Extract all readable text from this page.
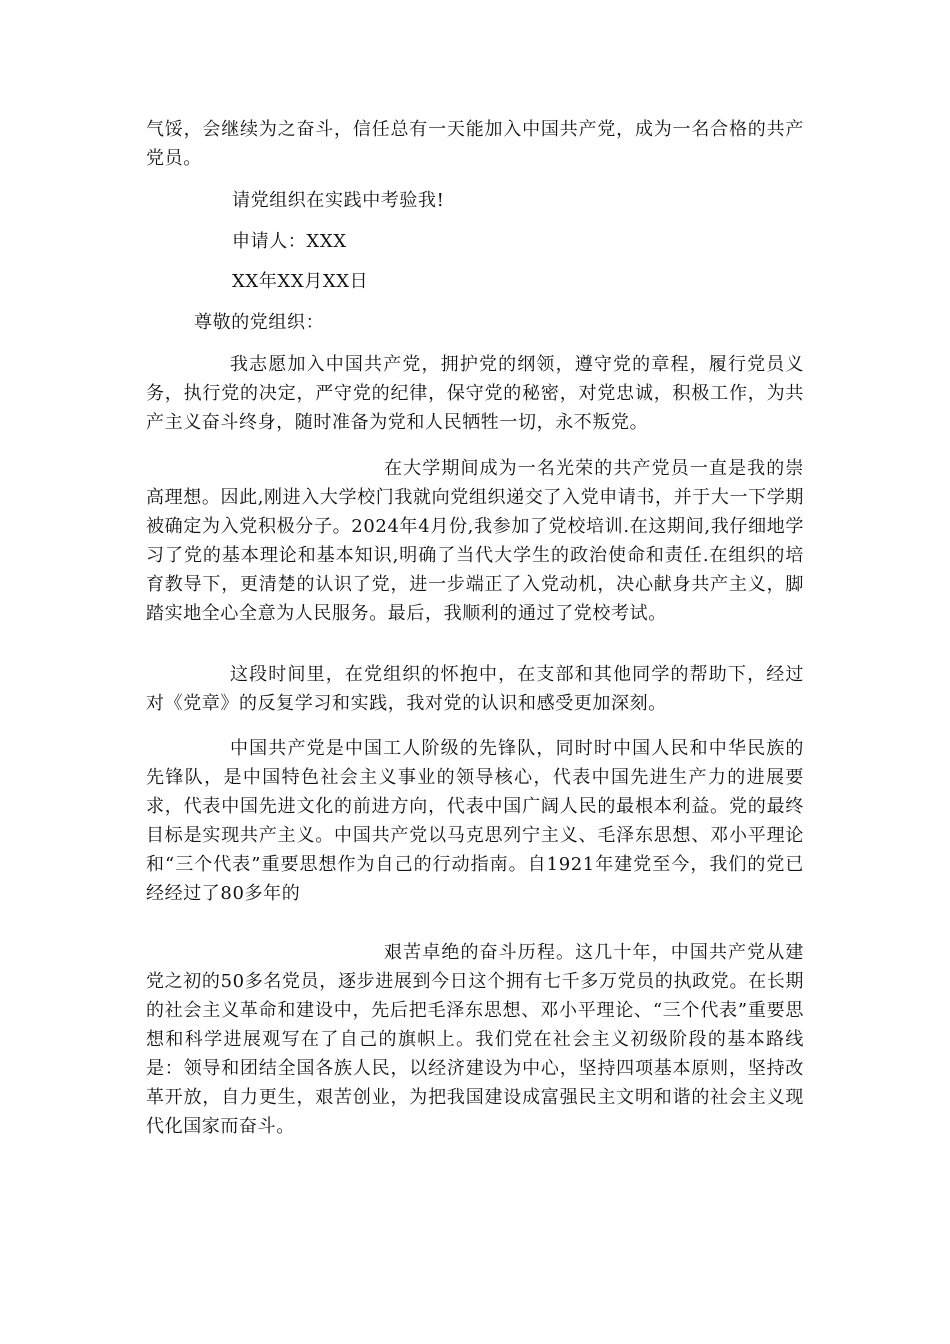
气馁，会继续为之奋斗，信任总有一天能加入中国共产党，成为一名合格的共产党员。
请党组织在实践中考验我!
申请人：XXX
XX年XX月XX日
尊敬的党组织：
我志愿加入中国共产党，拥护党的纲领，遵守党的章程，履行党员义务，执行党的决定，严守党的纪律，保守党的秘密，对党忠诚，积极工作，为共产主义奋斗终身，随时准备为党和人民牺牲一切，永不叛党。
在大学期间成为一名光荣的共产党员一直是我的崇高理想。因此,刚进入大学校门我就向党组织递交了入党申请书，并于大一下学期被确定为入党积极分子。2024年4月份,我参加了党校培训.在这期间,我仔细地学习了党的基本理论和基本知识,明确了当代大学生的政治使命和责任.在组织的培育教导下，更清楚的认识了党，进一步端正了入党动机，决心献身共产主义，脚踏实地全心全意为人民服务。最后，我顺利的通过了党校考试。
这段时间里，在党组织的怀抱中，在支部和其他同学的帮助下，经过对《党章》的反复学习和实践，我对党的认识和感受更加深刻。
中国共产党是中国工人阶级的先锋队，同时时中国人民和中华民族的先锋队，是中国特色社会主义事业的领导核心，代表中国先进生产力的进展要求，代表中国先进文化的前进方向，代表中国广阔人民的最根本利益。党的最终目标是实现共产主义。中国共产党以马克思列宁主义、毛泽东思想、邓小平理论和“三个代表”重要思想作为自己的行动指南。自1921年建党至今，我们的党已经经过了80多年的
艰苦卓绝的奋斗历程。这几十年，中国共产党从建党之初的50多名党员，逐步进展到今日这个拥有七千多万党员的执政党。在长期的社会主义革命和建设中，先后把毛泽东思想、邓小平理论、“三个代表”重要思想和科学进展观写在了自己的旗帜上。我们党在社会主义初级阶段的基本路线是：领导和团结全国各族人民，以经济建设为中心，坚持四项基本原则，坚持改革开放，自力更生，艰苦创业，为把我国建设成富强民主文明和谐的社会主义现代化国家而奋斗。
